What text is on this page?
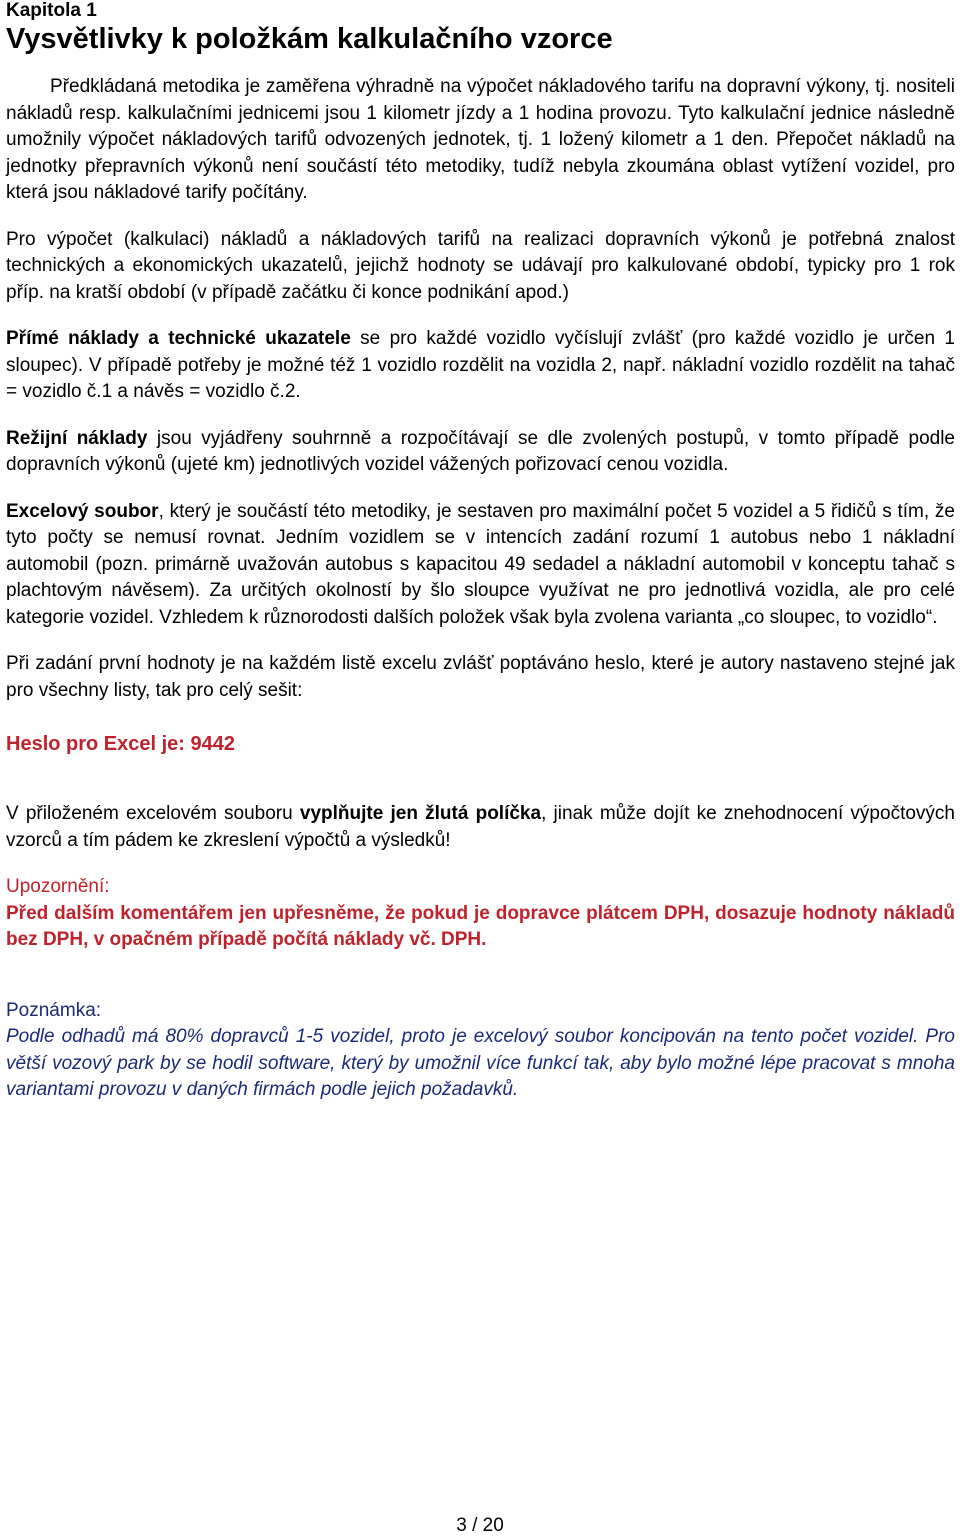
Kapitola 1
Vysvětlivky k položkám kalkulačního vzorce

Předkládaná metodika je zaměřena výhradně na výpočet nákladového tarifu na dopravní výkony, tj. nositeli nákladů resp. kalkulačními jednicemi jsou 1 kilometr jízdy a 1 hodina provozu. Tyto kalkulační jednice následně umožnily výpočet nákladových tarifů odvozených jednotek, tj. 1 ložený kilometr a 1 den. Přepočet nákladů na jednotky přepravních výkonů není součástí této metodiky, tudíž nebyla zkoumána oblast vytížení vozidel, pro která jsou nákladové tarify počítány.

Pro výpočet (kalkulaci) nákladů a nákladových tarifů na realizaci dopravních výkonů je potřebná znalost technických a ekonomických ukazatelů, jejichž hodnoty se udávají pro kalkulované období, typicky pro 1 rok příp. na kratší období (v případě začátku či konce podnikání apod.)

Přímé náklady a technické ukazatele se pro každé vozidlo vyčíslují zvlášť (pro každé vozidlo je určen 1 sloupec). V případě potřeby je možné též 1 vozidlo rozdělit na vozidla 2, např. nákladní vozidlo rozdělit na tahač = vozidlo č.1 a návěs = vozidlo č.2.

Režijní náklady jsou vyjádřeny souhrnně a rozpočítávají se dle zvolených postupů, v tomto případě podle dopravních výkonů (ujeté km) jednotlivých vozidel vážených pořizovací cenou vozidla.

Excelový soubor, který je součástí této metodiky, je sestaven pro maximální počet 5 vozidel a 5 řidičů s tím, že tyto počty se nemusí rovnat. Jedním vozidlem se v intencích zadání rozumí 1 autobus nebo 1 nákladní automobil (pozn. primárně uvažován autobus s kapacitou 49 sedadel a nákladní automobil v konceptu tahač s plachtovým návěsem). Za určitých okolností by šlo sloupce využívat ne pro jednotlivá vozidla, ale pro celé kategorie vozidel. Vzhledem k různorodosti dalších položek však byla zvolena varianta „co sloupec, to vozidlo“.

Při zadání první hodnoty je na každém listě excelu zvlášť poptáváno heslo, které je autory nastaveno stejné jak pro všechny listy, tak pro celý sešit:

Heslo pro Excel je: 9442

V přiloženém excelovém souboru vyplňujte jen žlutá políčka, jinak může dojít ke znehodnocení výpočtových vzorců a tím pádem ke zkreslení výpočtů a výsledků!

Upozornění:

Před dalším komentářem jen upřesněme, že pokud je dopravce plátcem DPH, dosazuje hodnoty nákladů bez DPH, v opačném případě počítá náklady vč. DPH.

Poznámka:

Podle odhadů má 80% dopravců 1-5 vozidel, proto je excelový soubor koncipován na tento počet vozidel. Pro větší vozový park by se hodil software, který by umožnil více funkcí tak, aby bylo možné lépe pracovat s mnoha variantami provozu v daných firmách podle jejich požadavků.

3 / 20
